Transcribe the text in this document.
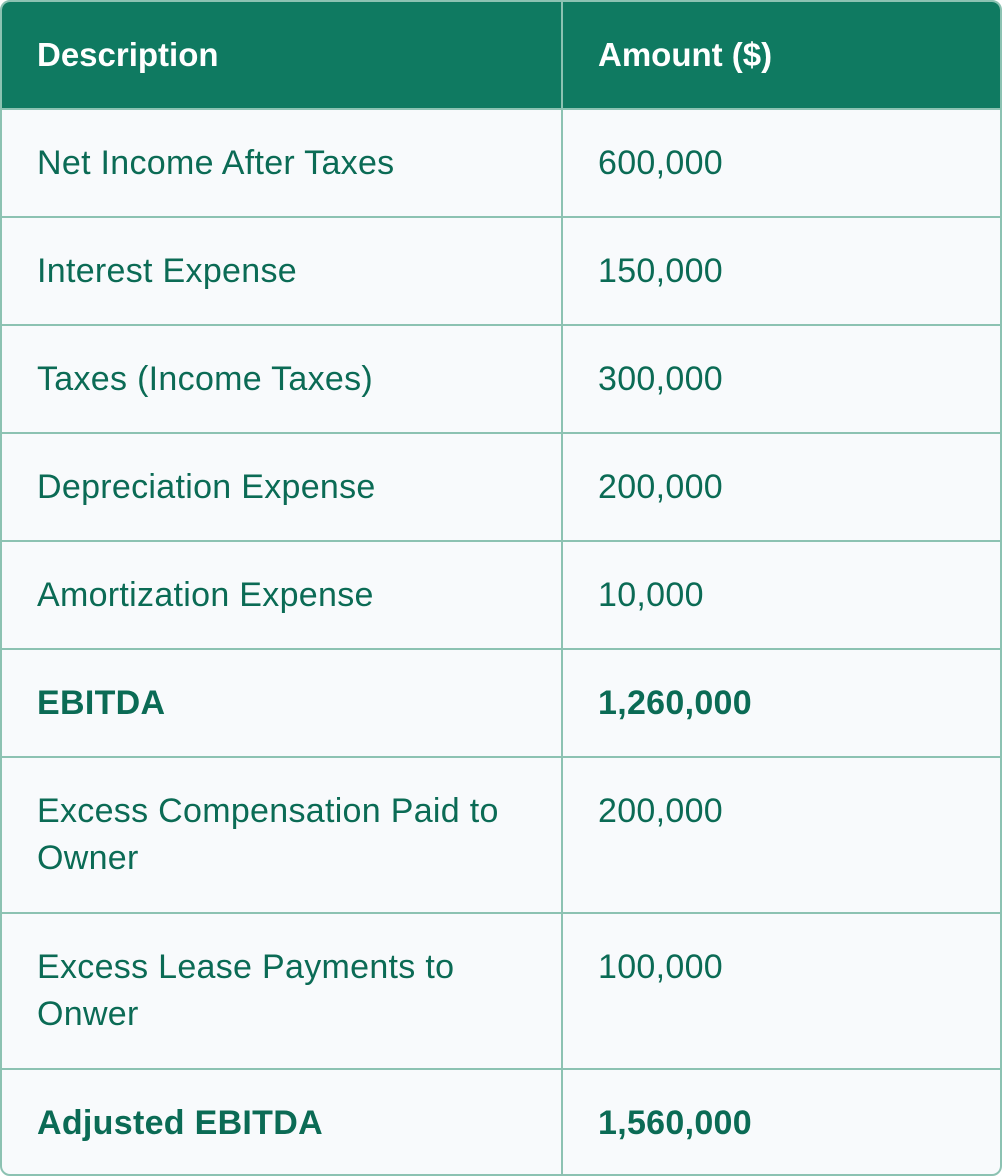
Description	Amount ($)
Net Income After Taxes	600,000
Interest Expense	150,000
Taxes (Income Taxes)	300,000
Depreciation Expense	200,000
Amortization Expense	10,000
EBITDA	1,260,000
Excess Compensation Paid to Owner	200,000
Excess Lease Payments to Onwer	100,000
Adjusted EBITDA	1,560,000
